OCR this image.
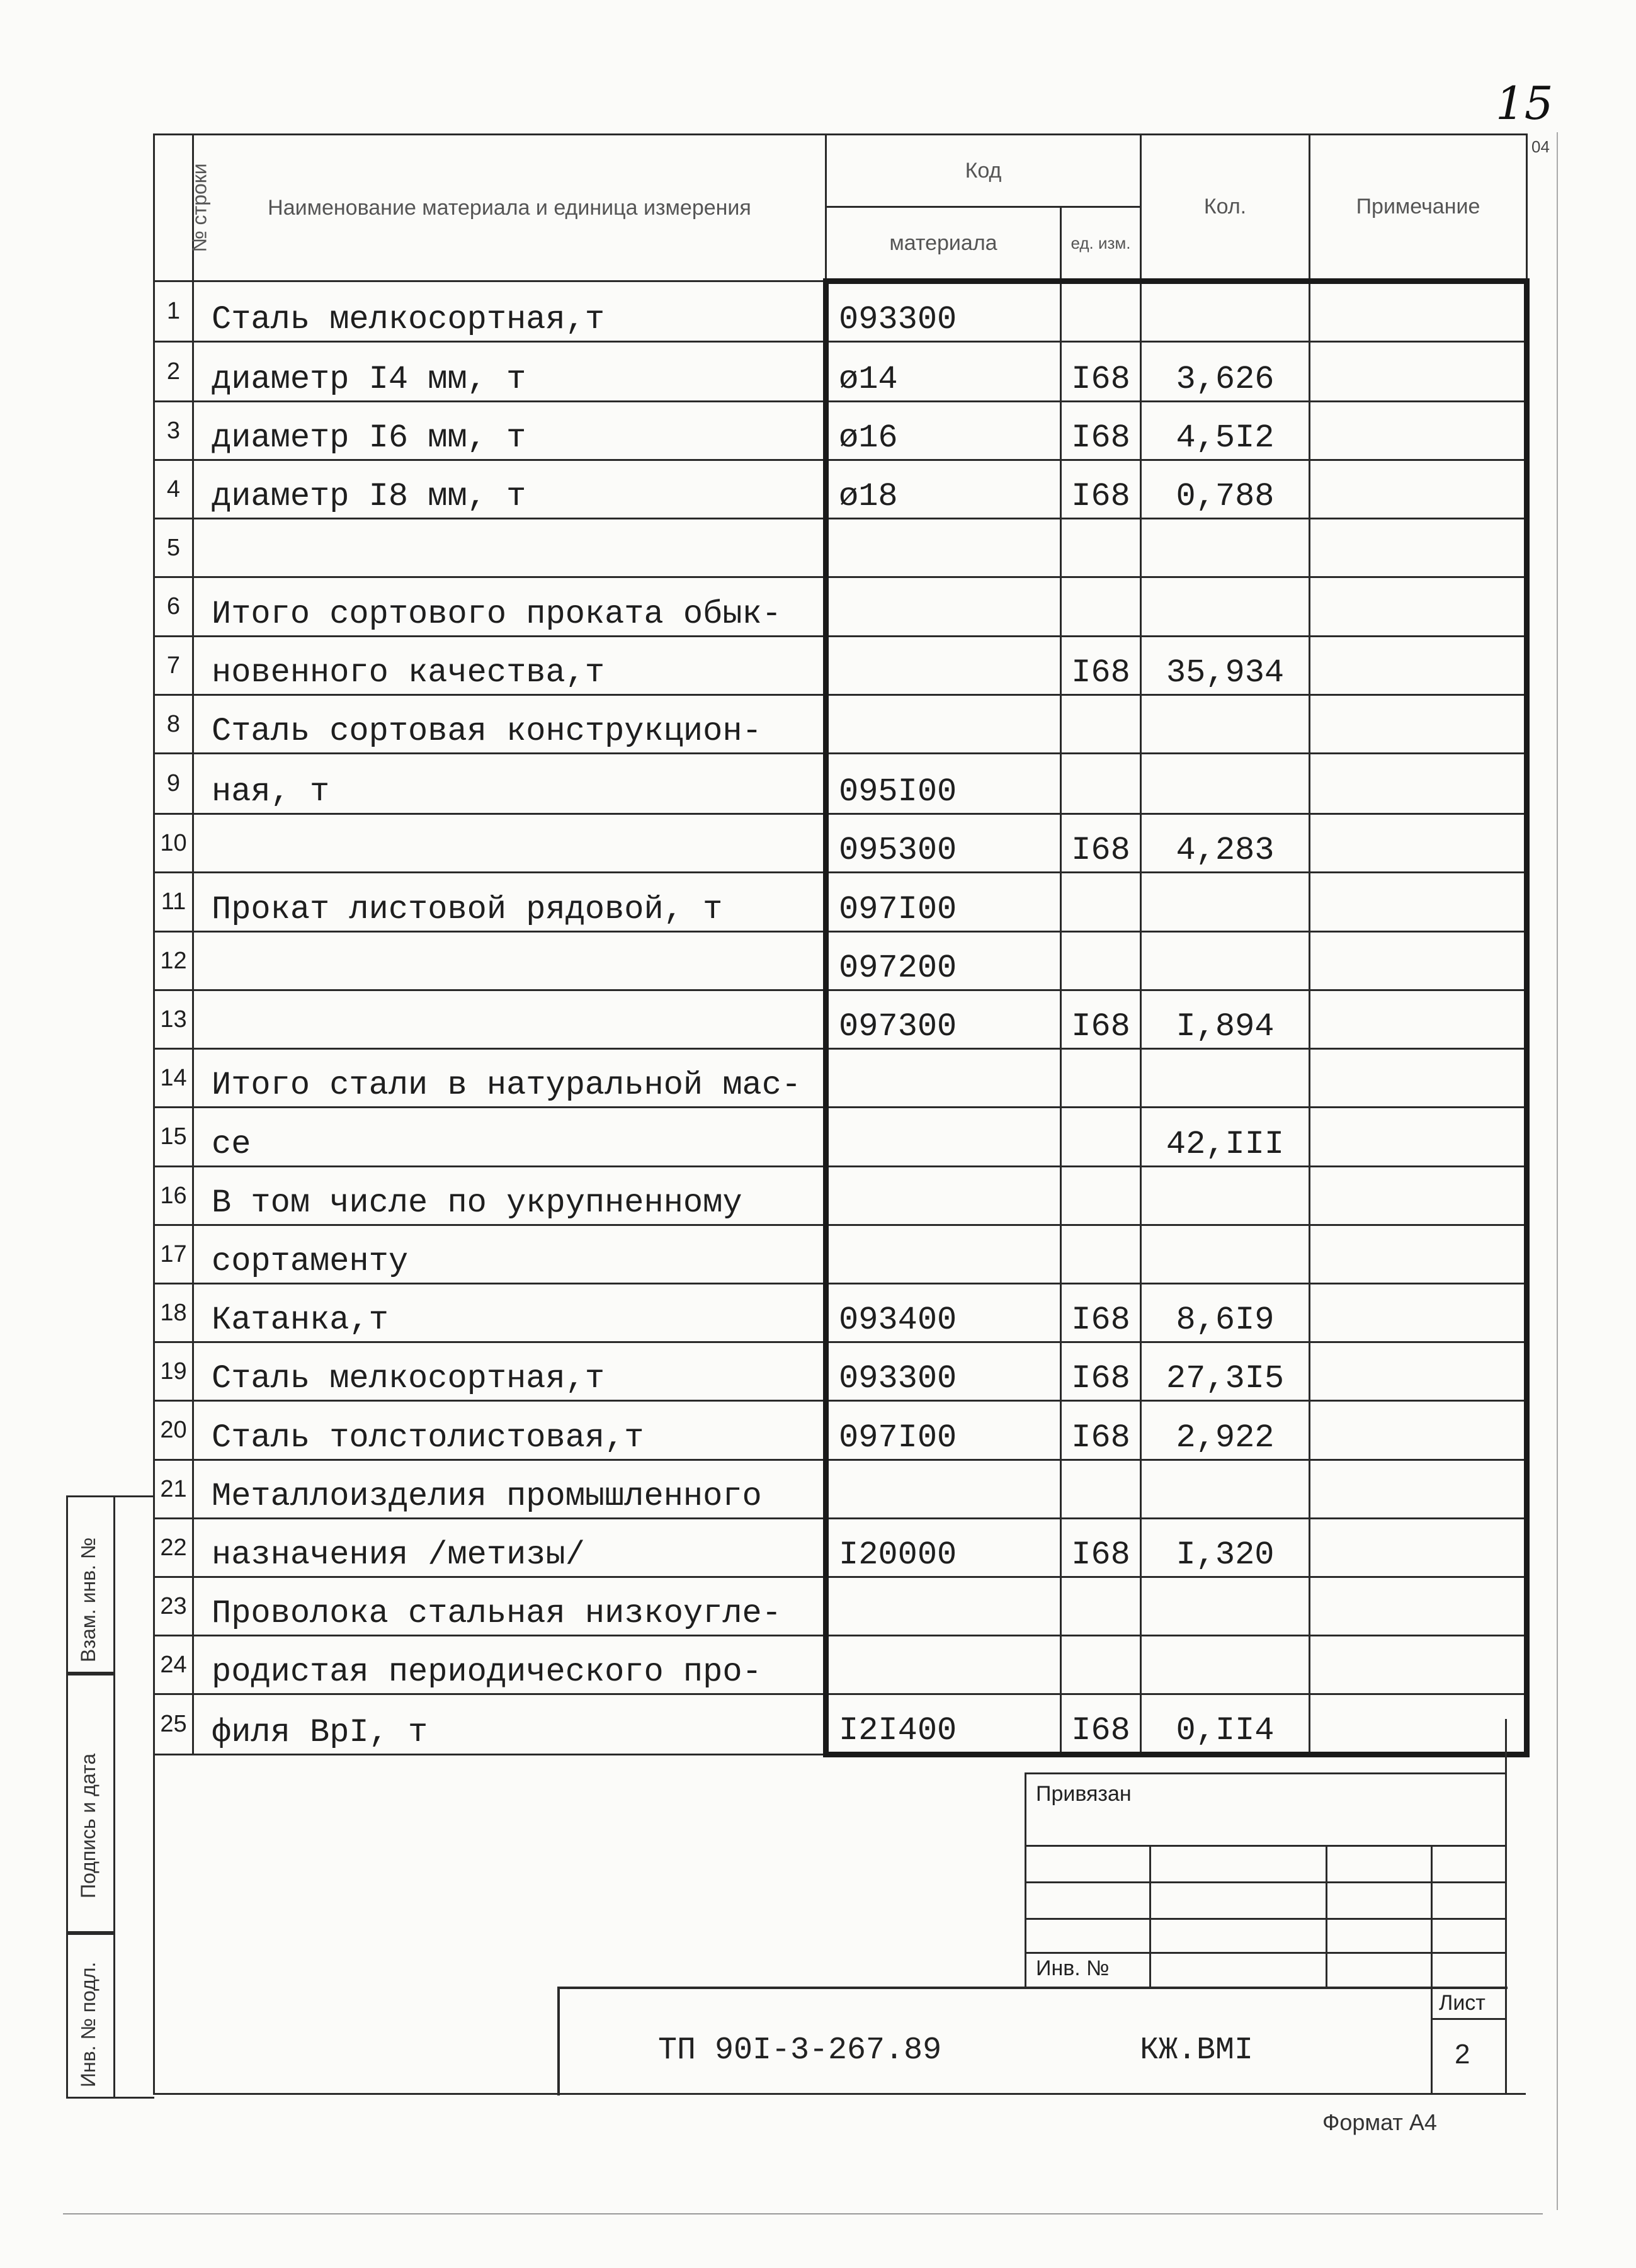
15
04
№ строки	Наименование материала и единица измерения	Код		Кол.	Примечание
		материала	ед. изм.		
1	Сталь мелкосортная,т	093300			
2	диаметр I4 мм, т	ø14	I68	3,626	
3	диаметр I6 мм, т	ø16	I68	4,5I2	
4	диаметр I8 мм, т	ø18	I68	0,788	
5					
6	Итого сортового проката обык-				
7	новенного качества,т		I68	35,934	
8	Сталь сортовая конструкцион-				
9	ная, т	095I00			
10		095300	I68	4,283	
11	Прокат листовой рядовой, т	097I00			
12		097200			
13		097300	I68	I,894	
14	Итого стали в натуральной мас-				
15	се			42,III	
16	В том числе по укрупненному				
17	сортаменту				
18	Катанка,т	093400	I68	8,6I9	
19	Сталь мелкосортная,т	093300	I68	27,3I5	
20	Сталь толстолистовая,т	097I00	I68	2,922	
21	Металлоизделия промышленного				
22	назначения /метизы/	I20000	I68	I,320	
23	Проволока стальная низкоугле-				
24	родистая периодического про-				
25	филя ВрI, т	I2I400	I68	0,II4	
Взам. инв. №
Подпись и дата
Инв. № подл.
Привязан
Инв. №
Лист
2
ТП 90I-3-267.89	КЖ.ВМI
Формат А4
